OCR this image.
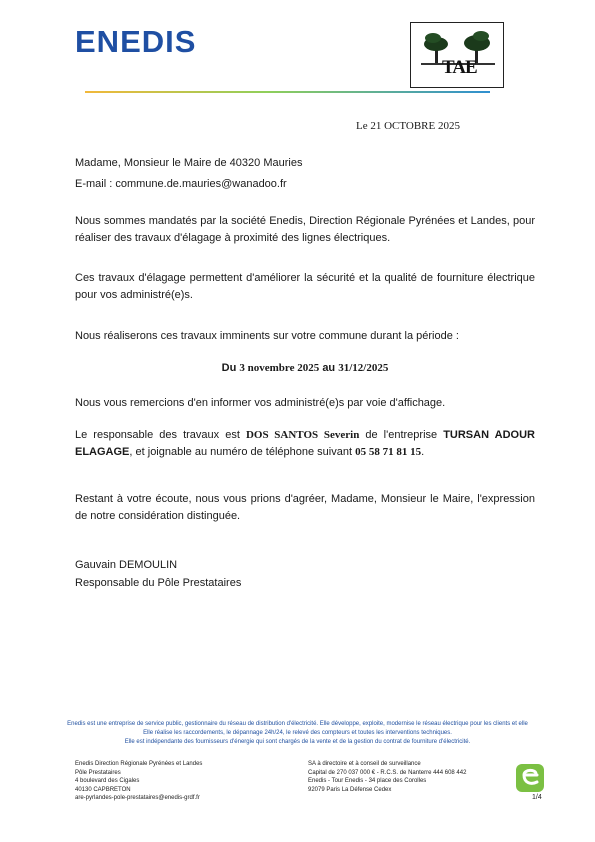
ENEDIS
TAE
Le 21 OCTOBRE 2025
Madame, Monsieur le Maire de 40320 Mauries
E-mail : commune.de.mauries@wanadoo.fr
Nous sommes mandatés par la société Enedis, Direction Régionale Pyrénées et Landes, pour réaliser des travaux d'élagage à proximité des lignes électriques.
Ces travaux d'élagage permettent d'améliorer la sécurité et la qualité de fourniture électrique pour vos administré(e)s.
Nous réaliserons ces travaux imminents sur votre commune durant la période :
Du 3 novembre 2025 au 31/12/2025
Nous vous remercions d'en informer vos administré(e)s par voie d'affichage.
Le responsable des travaux est DOS SANTOS Severin de l'entreprise TURSAN ADOUR ELAGAGE, et joignable au numéro de téléphone suivant 05 58 71 81 15.
Restant à votre écoute, nous vous prions d'agréer, Madame, Monsieur le Maire, l'expression de notre considération distinguée.
Gauvain DEMOULIN
Responsable du Pôle Prestataires
Enedis est une entreprise de service public, gestionnaire du réseau de distribution d'électricité. Elle développe, exploite, modernise le réseau électrique pour les clients et elle
Elle réalise les raccordements, le dépannage 24h/24, le relevé des compteurs et toutes les interventions techniques.
Elle est indépendante des fournisseurs d'énergie qui sont chargés de la vente et de la gestion du contrat de fourniture d'électricité.
Enedis Direction Régionale Pyrénées et Landes
Pôle Prestataires
4 boulevard des Cigales
40130 CAPBRETON
are-pyrlandes-pole-prestataires@enedis-grdf.fr
SA à directoire et à conseil de surveillance
Capital de 270 037 000 € - R.C.S. de Nanterre 444 608 442
Enedis - Tour Enedis - 34 place des Corolles
92079 Paris La Défense Cedex
1/4
